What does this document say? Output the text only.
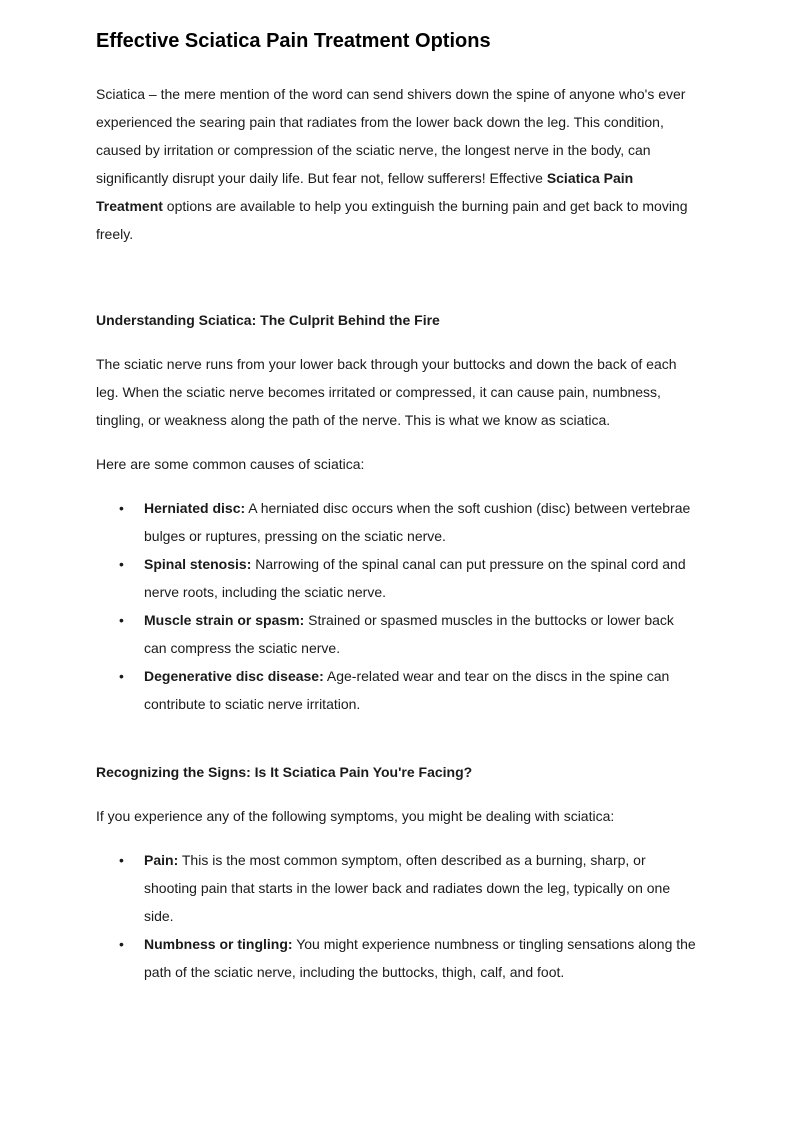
Effective Sciatica Pain Treatment Options

Sciatica – the mere mention of the word can send shivers down the spine of anyone who's ever experienced the searing pain that radiates from the lower back down the leg. This condition, caused by irritation or compression of the sciatic nerve, the longest nerve in the body, can significantly disrupt your daily life. But fear not, fellow sufferers! Effective Sciatica Pain Treatment options are available to help you extinguish the burning pain and get back to moving freely.

Understanding Sciatica: The Culprit Behind the Fire

The sciatic nerve runs from your lower back through your buttocks and down the back of each leg. When the sciatic nerve becomes irritated or compressed, it can cause pain, numbness, tingling, or weakness along the path of the nerve. This is what we know as sciatica.

Here are some common causes of sciatica:

• Herniated disc: A herniated disc occurs when the soft cushion (disc) between vertebrae bulges or ruptures, pressing on the sciatic nerve.
• Spinal stenosis: Narrowing of the spinal canal can put pressure on the spinal cord and nerve roots, including the sciatic nerve.
• Muscle strain or spasm: Strained or spasmed muscles in the buttocks or lower back can compress the sciatic nerve.
• Degenerative disc disease: Age-related wear and tear on the discs in the spine can contribute to sciatic nerve irritation.
Recognizing the Signs: Is It Sciatica Pain You're Facing?

If you experience any of the following symptoms, you might be dealing with sciatica:

• Pain: This is the most common symptom, often described as a burning, sharp, or shooting pain that starts in the lower back and radiates down the leg, typically on one side.
• Numbness or tingling: You might experience numbness or tingling sensations along the path of the sciatic nerve, including the buttocks, thigh, calf, and foot.
